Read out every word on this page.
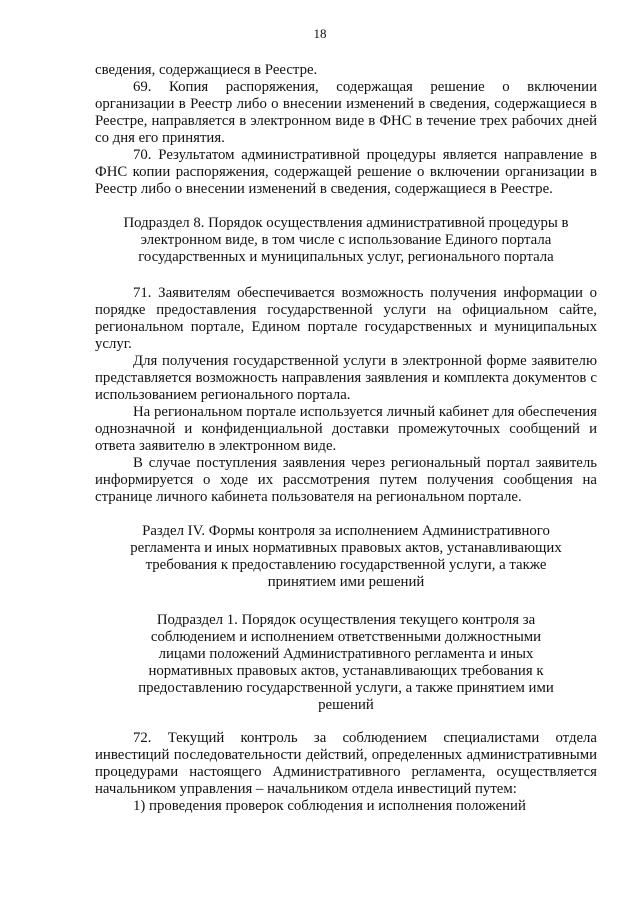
18

сведения, содержащиеся в Реестре.

69. Копия распоряжения, содержащая решение о включении организации в Реестр либо о внесении изменений в сведения, содержащиеся в Реестре, направляется в электронном виде в ФНС в течение трех рабочих дней со дня его принятия.

70. Результатом административной процедуры является направление в ФНС копии распоряжения, содержащей решение о включении организации в Реестр либо о внесении изменений в сведения, содержащиеся в Реестре.

Подраздел 8. Порядок осуществления административной процедуры в электронном виде, в том числе с использование Единого портала государственных и муниципальных услуг, регионального портала

71. Заявителям обеспечивается возможность получения информации о порядке предоставления государственной услуги на официальном сайте, региональном портале, Едином портале государственных и муниципальных услуг.

Для получения государственной услуги в электронной форме заявителю представляется возможность направления заявления и комплекта документов с использованием регионального портала.

На региональном портале используется личный кабинет для обеспечения однозначной и конфиденциальной доставки промежуточных сообщений и ответа заявителю в электронном виде.

В случае поступления заявления через региональный портал заявитель информируется о ходе их рассмотрения путем получения сообщения на странице личного кабинета пользователя на региональном портале.

Раздел IV. Формы контроля за исполнением Административного регламента и иных нормативных правовых актов, устанавливающих требования к предоставлению государственной услуги, а также принятием ими решений

Подраздел 1. Порядок осуществления текущего контроля за соблюдением и исполнением ответственными должностными лицами положений Административного регламента и иных нормативных правовых актов, устанавливающих требования к предоставлению государственной услуги, а также принятием ими решений

72. Текущий контроль за соблюдением специалистами отдела инвестиций последовательности действий, определенных административными процедурами настоящего Административного регламента, осуществляется начальником управления – начальником отдела инвестиций путем:

1) проведения проверок соблюдения и исполнения положений
